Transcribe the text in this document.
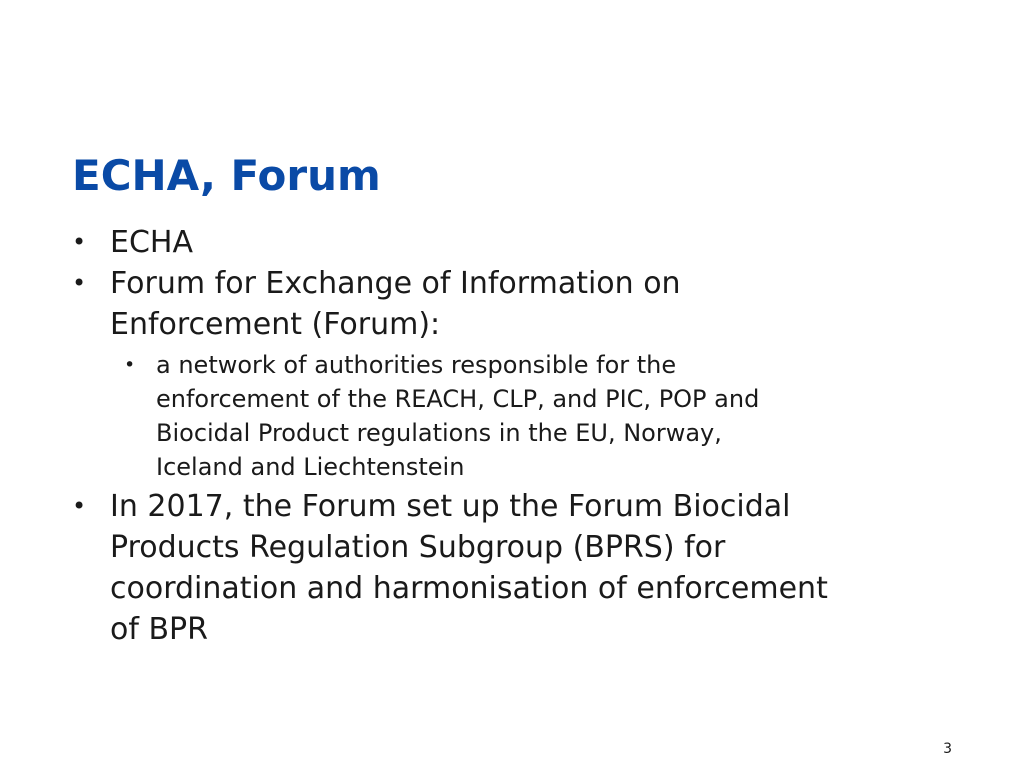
ECHA, Forum
• ECHA
• Forum for Exchange of Information on
Enforcement (Forum):
• a network of authorities responsible for the
enforcement of the REACH, CLP, and PIC, POP and
Biocidal Product regulations in the EU, Norway,
Iceland and Liechtenstein
• In 2017, the Forum set up the Forum Biocidal
Products Regulation Subgroup (BPRS) for
coordination and harmonisation of enforcement
of BPR
3
